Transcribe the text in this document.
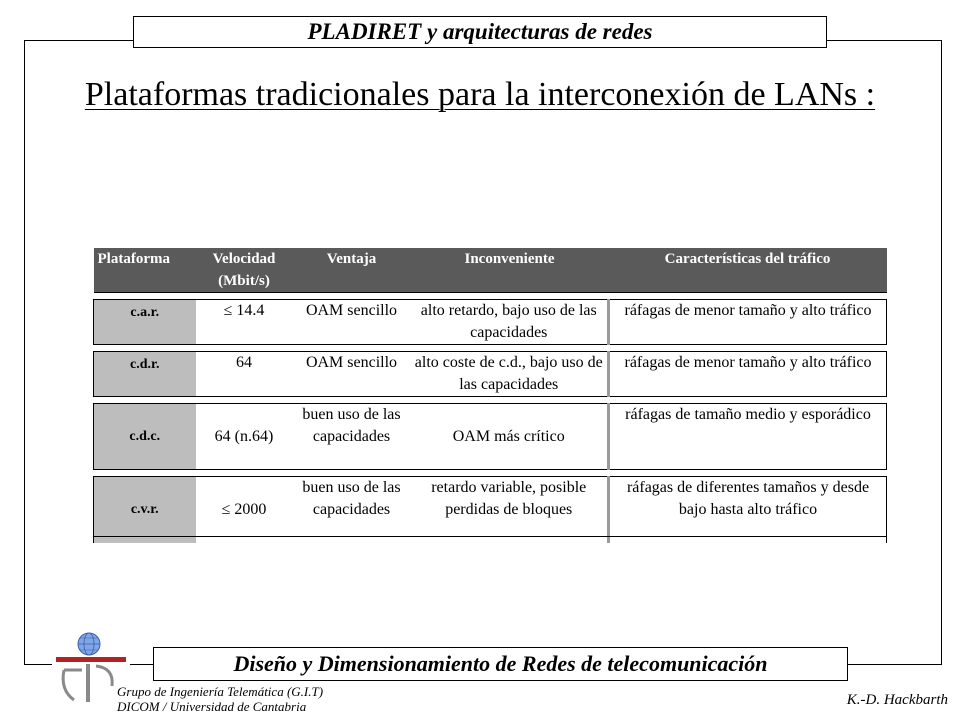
PLADIRET y arquitecturas de redes
Plataformas tradicionales para la interconexión de LANs :
Plataforma	Velocidad (Mbit/s)	Ventaja	Inconveniente	Características del tráfico

c.a.r.	≤ 14.4	OAM sencillo	alto retardo, bajo uso de las capacidades	ráfagas de menor tamaño y alto tráfico

c.d.r.	64	OAM sencillo	alto coste de c.d., bajo uso de las capacidades	ráfagas de menor tamaño y alto tráfico

c.d.c.	64 (n.64)	buen uso de las capacidades	OAM más crítico	ráfagas de tamaño medio y esporádico

c.v.r.	≤ 2000	buen uso de las capacidades	retardo variable, posible perdidas de bloques	ráfagas de diferentes tamaños y desde bajo hasta alto tráfico
Diseño y Dimensionamiento de Redes de telecomunicación
Grupo de Ingeniería Telemática (G.I.T)
DICOM / Universidad de Cantabria	K.-D. Hackbarth
